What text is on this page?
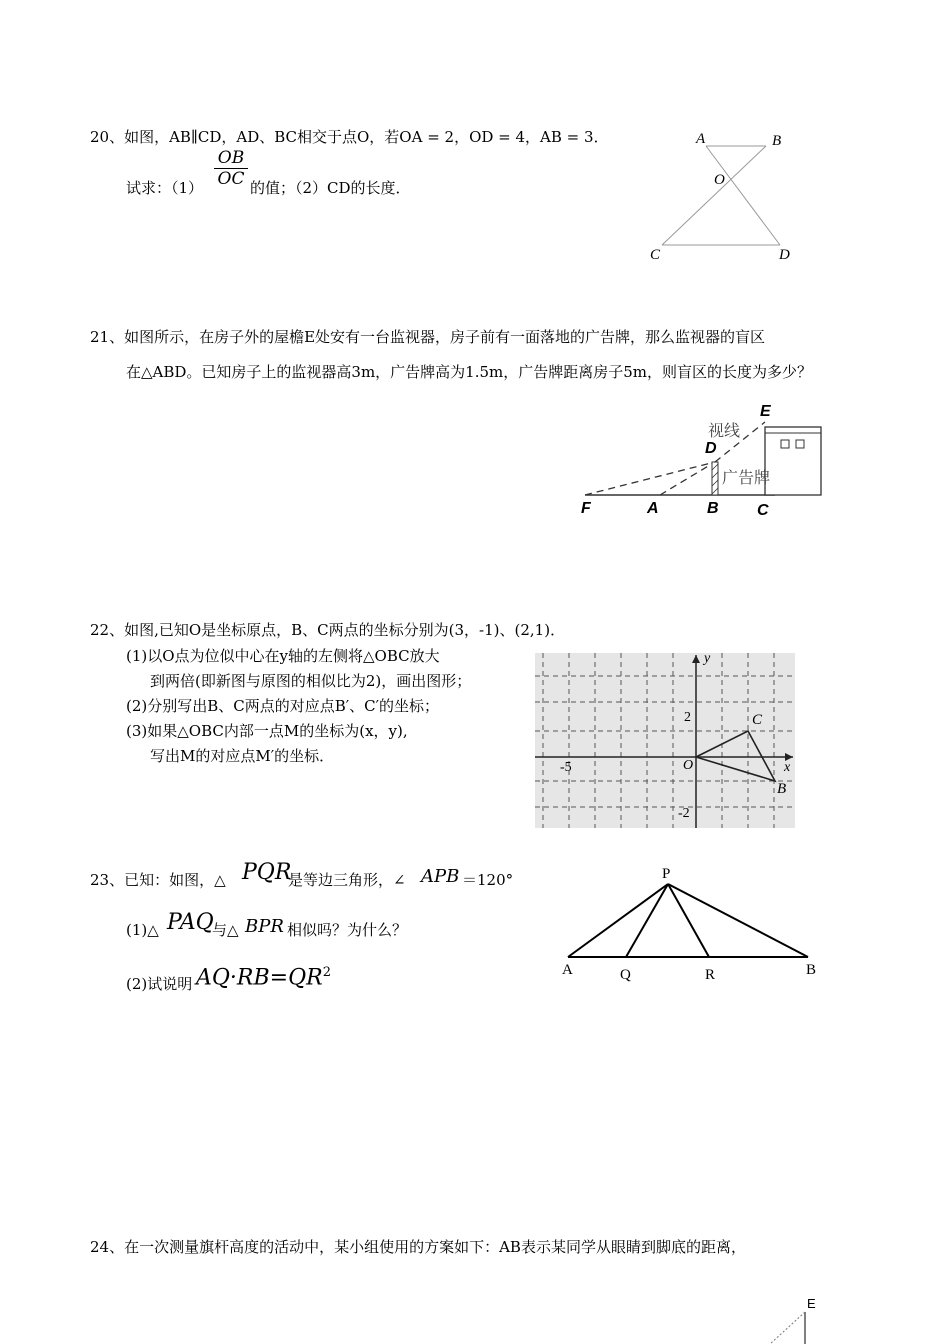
20、如图，AB∥CD，AD、BC相交于点O，若OA = 2，OD = 4，AB = 3．
$\frac{OB}{OC}$
试求：（1）	的值；（2）CD的长度．
A	B
O
C	D
21、如图所示，在房子外的屋檐E处安有一台监视器，房子前有一面落地的广告牌，那么监视器的盲区
在△ABD。已知房子上的监视器高3m，广告牌高为1.5m，广告牌距离房子5m，则盲区的长度为多少？
E
视线
D
广告牌
F	A	B C
22、如图,已知O是坐标原点，B、C两点的坐标分别为(3，-1)、(2,1)．
(1)以O点为位似中心在y轴的左侧将△OBC放大
到两倍(即新图与原图的相似比为2)，画出图形；
(2)分别写出B、C两点的对应点B′、C′的坐标；
(3)如果△OBC内部一点M的坐标为(x，y),
写出M的对应点M′的坐标．
y
x
2
-5	O
C
B
-2
23、已知：如图，△ PQR
是等边三角形，∠ APB ＝120°
(1)△ PAQ
与△ BPR 相似吗？为什么？
(2)试说明 $AQ\cdot RB=QR^2$
P
A	Q	R	B
24、在一次测量旗杆高度的活动中，某小组使用的方案如下：AB表示某同学从眼睛到脚底的距离，
E
